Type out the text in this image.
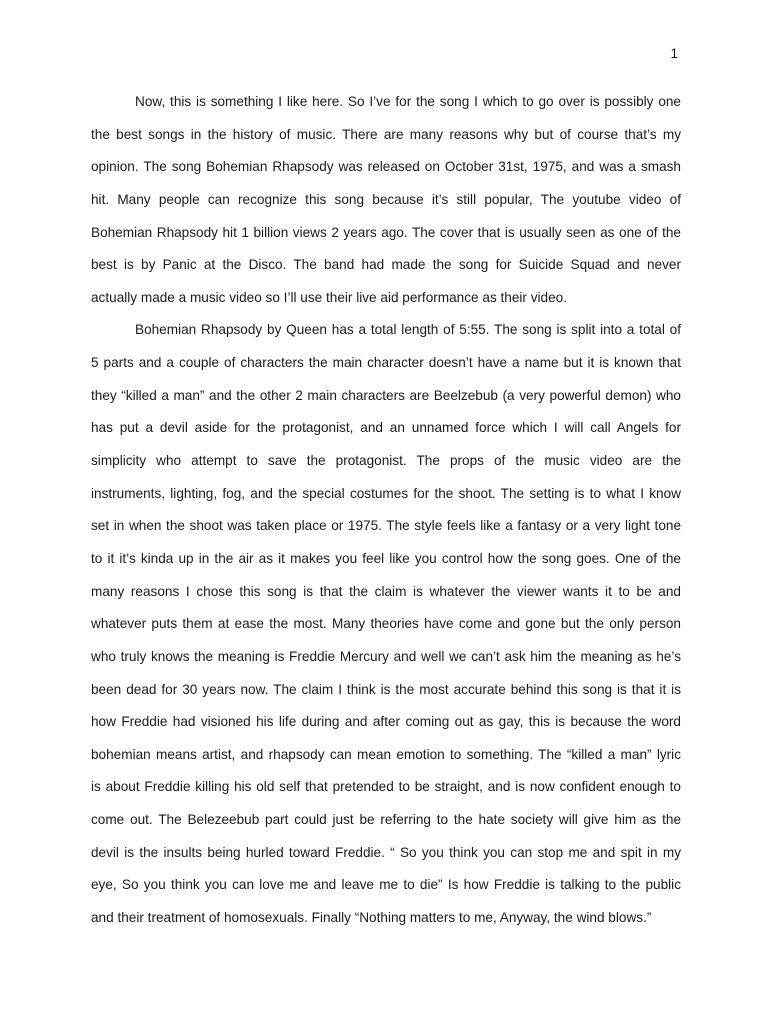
1
Now, this is something I like here. So I’ve for the song I which to go over is possibly one
the best songs in the history of music. There are many reasons why but of course that’s my
opinion. The song Bohemian Rhapsody was released on October 31st, 1975, and was a smash
hit. Many people can recognize this song because it’s still popular, The youtube video of
Bohemian Rhapsody hit 1 billion views 2 years ago. The cover that is usually seen as one of the
best is by Panic at the Disco. The band had made the song for Suicide Squad and never
actually made a music video so I’ll use their live aid performance as their video.
Bohemian Rhapsody by Queen has a total length of 5:55. The song is split into a total of
5 parts and a couple of characters the main character doesn’t have a name but it is known that
they “killed a man” and the other 2 main characters are Beelzebub (a very powerful demon) who
has put a devil aside for the protagonist, and an unnamed force which I will call Angels for
simplicity who attempt to save the protagonist. The props of the music video are the
instruments, lighting, fog, and the special costumes for the shoot. The setting is to what I know
set in when the shoot was taken place or 1975. The style feels like a fantasy or a very light tone
to it it’s kinda up in the air as it makes you feel like you control how the song goes. One of the
many reasons I chose this song is that the claim is whatever the viewer wants it to be and
whatever puts them at ease the most. Many theories have come and gone but the only person
who truly knows the meaning is Freddie Mercury and well we can’t ask him the meaning as he’s
been dead for 30 years now. The claim I think is the most accurate behind this song is that it is
how Freddie had visioned his life during and after coming out as gay, this is because the word
bohemian means artist, and rhapsody can mean emotion to something. The “killed a man” lyric
is about Freddie killing his old self that pretended to be straight, and is now confident enough to
come out. The Belezeebub part could just be referring to the hate society will give him as the
devil is the insults being hurled toward Freddie. “ So you think you can stop me and spit in my
eye, So you think you can love me and leave me to die” Is how Freddie is talking to the public
and their treatment of homosexuals. Finally “Nothing matters to me, Anyway, the wind blows.”
